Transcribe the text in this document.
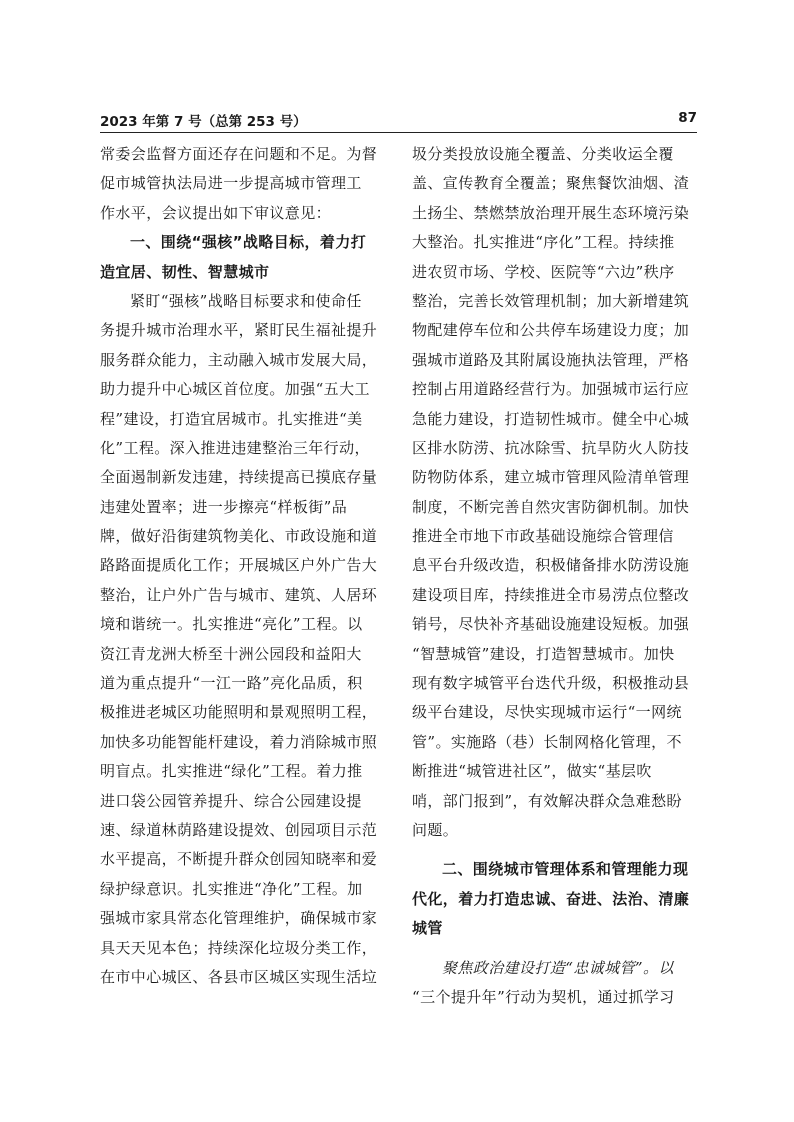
2023 年第 7 号（总第 253 号）	87
常委会监督方面还存在问题和不足。为督
促市城管执法局进一步提高城市管理工
作水平，会议提出如下审议意见：
一、围绕“强核”战略目标，着力打
造宜居、韧性、智慧城市
紧盯“强核”战略目标要求和使命任
务提升城市治理水平，紧盯民生福祉提升
服务群众能力，主动融入城市发展大局，
助力提升中心城区首位度。加强“五大工
程”建设，打造宜居城市。扎实推进“美
化”工程。深入推进违建整治三年行动，
全面遏制新发违建，持续提高已摸底存量
违建处置率；进一步擦亮“样板街”品
牌，做好沿街建筑物美化、市政设施和道
路路面提质化工作；开展城区户外广告大
整治，让户外广告与城市、建筑、人居环
境和谐统一。扎实推进“亮化”工程。以
资江青龙洲大桥至十洲公园段和益阳大
道为重点提升“一江一路”亮化品质，积
极推进老城区功能照明和景观照明工程，
加快多功能智能杆建设，着力消除城市照
明盲点。扎实推进“绿化”工程。着力推
进口袋公园管养提升、综合公园建设提
速、绿道林荫路建设提效、创园项目示范
水平提高，不断提升群众创园知晓率和爱
绿护绿意识。扎实推进“净化”工程。加
强城市家具常态化管理维护，确保城市家
具天天见本色；持续深化垃圾分类工作，
在市中心城区、各县市区城区实现生活垃
圾分类投放设施全覆盖、分类收运全覆
盖、宣传教育全覆盖；聚焦餐饮油烟、渣
土扬尘、禁燃禁放治理开展生态环境污染
大整治。扎实推进“序化”工程。持续推
进农贸市场、学校、医院等“六边”秩序
整治，完善长效管理机制；加大新增建筑
物配建停车位和公共停车场建设力度；加
强城市道路及其附属设施执法管理，严格
控制占用道路经营行为。加强城市运行应
急能力建设，打造韧性城市。健全中心城
区排水防涝、抗冰除雪、抗旱防火人防技
防物防体系，建立城市管理风险清单管理
制度，不断完善自然灾害防御机制。加快
推进全市地下市政基础设施综合管理信
息平台升级改造，积极储备排水防涝设施
建设项目库，持续推进全市易涝点位整改
销号，尽快补齐基础设施建设短板。加强
“智慧城管”建设，打造智慧城市。加快
现有数字城管平台迭代升级，积极推动县
级平台建设，尽快实现城市运行“一网统
管”。实施路（巷）长制网格化管理，不
断推进“城管进社区”，做实“基层吹
哨，部门报到”，有效解决群众急难愁盼
问题。
二、围绕城市管理体系和管理能力现
代化，着力打造忠诚、奋进、法治、清廉
城管
聚焦政治建设打造“忠诚城管”。以
“三个提升年”行动为契机，通过抓学习
